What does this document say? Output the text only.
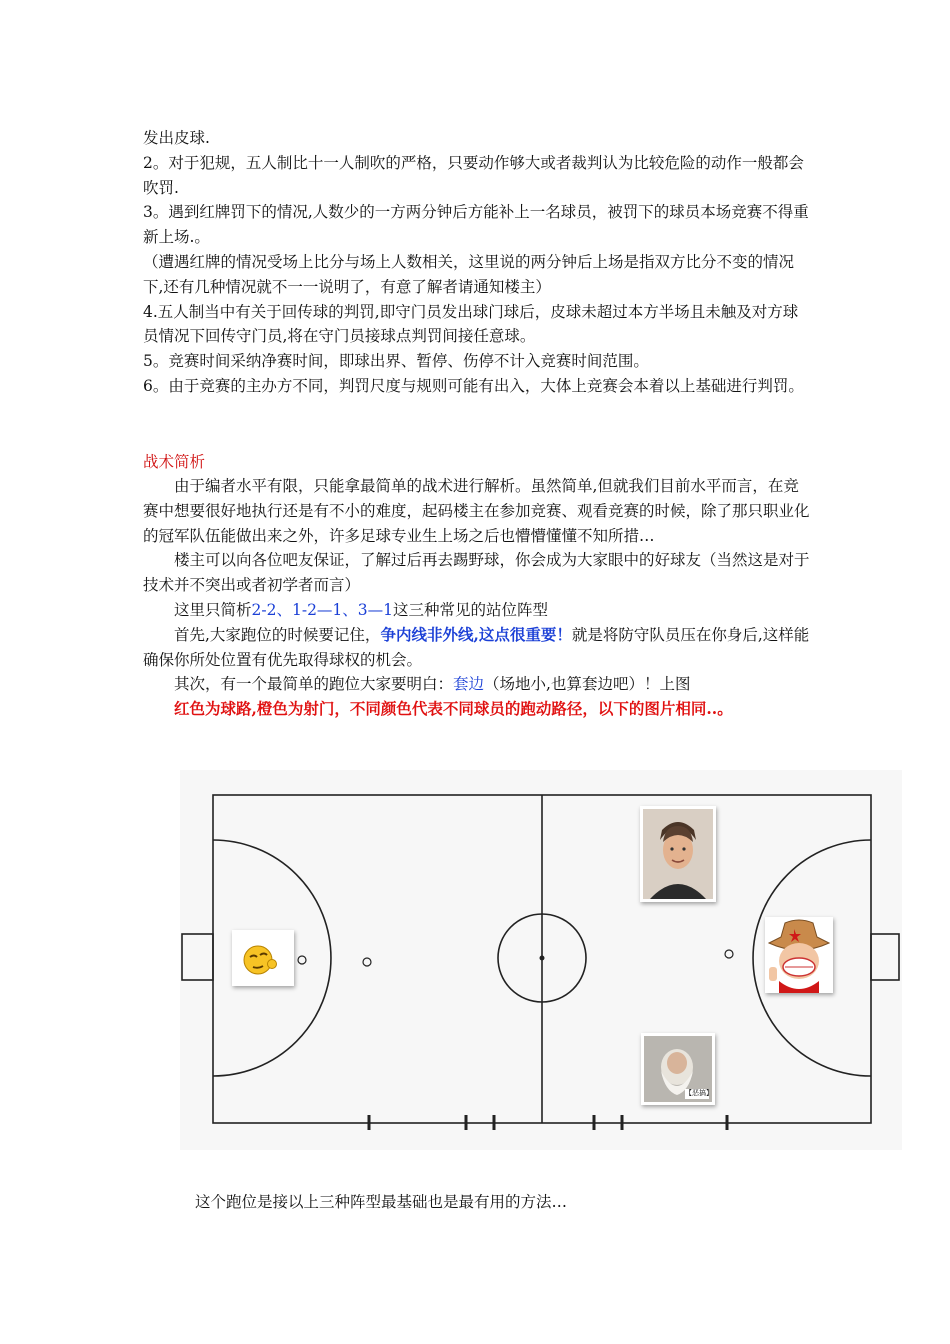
发出皮球.

2。对于犯规，五人制比十一人制吹的严格，只要动作够大或者裁判认为比较危险的动作一般都会吹罚.

3。遇到红牌罚下的情况,人数少的一方两分钟后方能补上一名球员，被罚下的球员本场竞赛不得重新上场.。

（遭遇红牌的情况受场上比分与场上人数相关，这里说的两分钟后上场是指双方比分不变的情况下,还有几种情况就不一一说明了，有意了解者请通知楼主）

4.五人制当中有关于回传球的判罚,即守门员发出球门球后，皮球未超过本方半场且未触及对方球员情况下回传守门员,将在守门员接球点判罚间接任意球。

5。竞赛时间采纳净赛时间，即球出界、暂停、伤停不计入竞赛时间范围。

6。由于竞赛的主办方不同，判罚尺度与规则可能有出入，大体上竞赛会本着以上基础进行判罚。

战术简析

由于编者水平有限，只能拿最简单的战术进行解析。虽然简单,但就我们目前水平而言，在竞赛中想要很好地执行还是有不小的难度，起码楼主在参加竞赛、观看竞赛的时候，除了那只职业化的冠军队伍能做出来之外，许多足球专业生上场之后也懵懵懂懂不知所措…

楼主可以向各位吧友保证，了解过后再去踢野球，你会成为大家眼中的好球友（当然这是对于技术并不突出或者初学者而言）

这里只简析2-2、1-2—1、3—1这三种常见的站位阵型

首先,大家跑位的时候要记住，争内线非外线,这点很重要！就是将防守队员压在你身后,这样能确保你所处位置有优先取得球权的机会。

其次，有一个最简单的跑位大家要明白：套边（场地小,也算套边吧）！上图

红色为球路,橙色为射门，不同颜色代表不同球员的跑动路径，以下的图片相同..。

【恶搞】
这个跑位是接以上三种阵型最基础也是最有用的方法…
